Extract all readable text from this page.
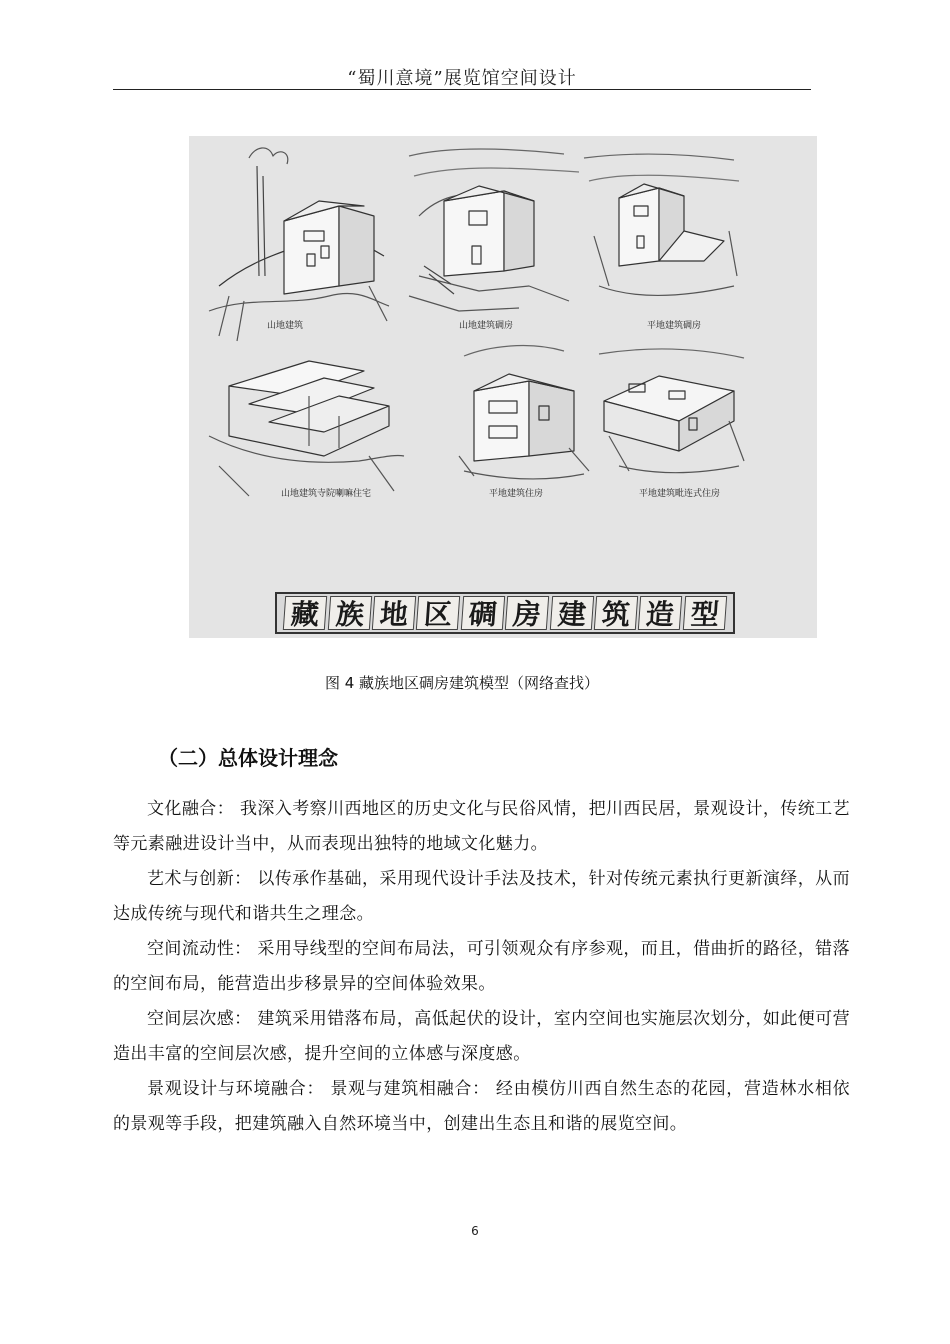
“蜀川意境”展览馆空间设计
山地建筑	山地建筑碉房	平地建筑碉房
山地建筑寺院喇嘛住宅	平地建筑住房	平地建筑毗连式住房
藏 族 地 区 碉 房 建 筑 造 型
图 4 藏族地区碉房建筑模型（网络查找）
（二）总体设计理念

文化融合： 我深入考察川西地区的历史文化与民俗风情，把川西民居，景观设计，传统工艺等元素融进设计当中，从而表现出独特的地域文化魅力。

艺术与创新： 以传承作基础，采用现代设计手法及技术，针对传统元素执行更新演绎，从而达成传统与现代和谐共生之理念。

空间流动性： 采用导线型的空间布局法，可引领观众有序参观，而且，借曲折的路径，错落的空间布局，能营造出步移景异的空间体验效果。

空间层次感： 建筑采用错落布局，高低起伏的设计，室内空间也实施层次划分，如此便可营造出丰富的空间层次感，提升空间的立体感与深度感。

景观设计与环境融合： 景观与建筑相融合： 经由模仿川西自然生态的花园，营造林水相依的景观等手段，把建筑融入自然环境当中，创建出生态且和谐的展览空间。

6
